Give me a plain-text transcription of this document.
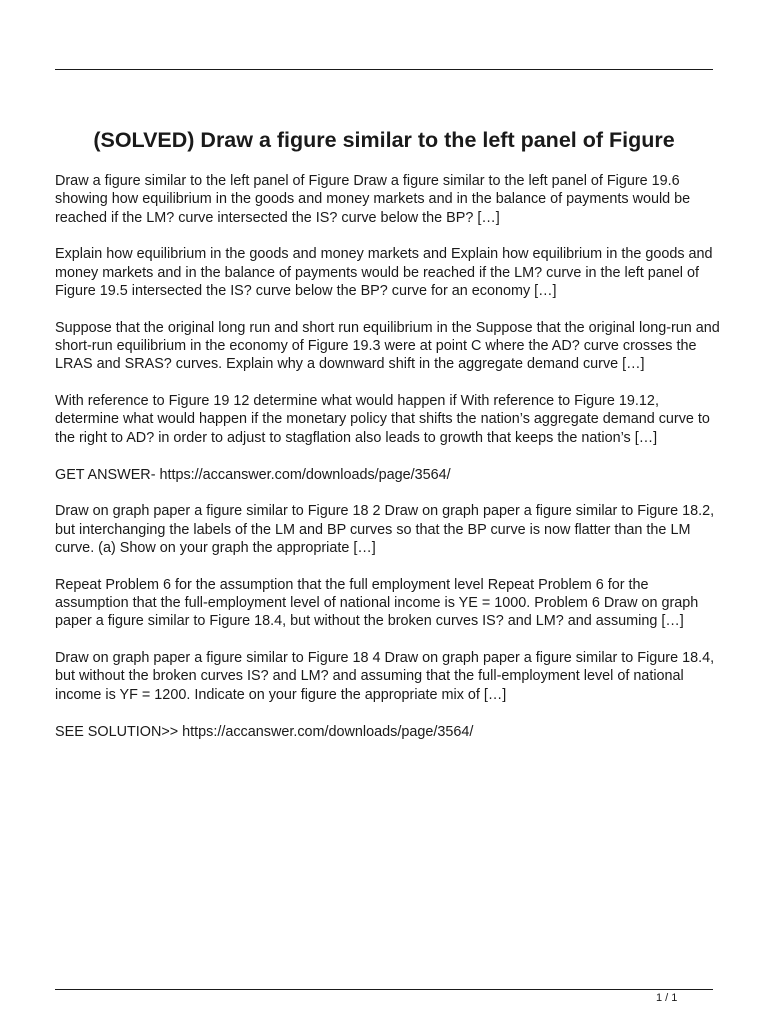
(SOLVED) Draw a figure similar to the left panel of Figure

Draw a figure similar to the left panel of Figure Draw a figure similar to the left panel of Figure 19.6 showing how equilibrium in the goods and money markets and in the balance of payments would be reached if the LM? curve intersected the IS? curve below the BP? […]

Explain how equilibrium in the goods and money markets and Explain how equilibrium in the goods and money markets and in the balance of payments would be reached if the LM? curve in the left panel of Figure 19.5 intersected the IS? curve below the BP? curve for an economy […]

Suppose that the original long run and short run equilibrium in the Suppose that the original long-run and short-run equilibrium in the economy of Figure 19.3 were at point C where the AD? curve crosses the LRAS and SRAS? curves. Explain why a downward shift in the aggregate demand curve […]

With reference to Figure 19 12 determine what would happen if With reference to Figure 19.12, determine what would happen if the monetary policy that shifts the nation’s aggregate demand curve to the right to AD? in order to adjust to stagflation also leads to growth that keeps the nation’s […]

GET ANSWER- https://accanswer.com/downloads/page/3564/

Draw on graph paper a figure similar to Figure 18 2 Draw on graph paper a figure similar to Figure 18.2, but interchanging the labels of the LM and BP curves so that the BP curve is now flatter than the LM curve. (a) Show on your graph the appropriate […]

Repeat Problem 6 for the assumption that the full employment level Repeat Problem 6 for the assumption that the full-employment level of national income is YE = 1000. Problem 6 Draw on graph paper a figure similar to Figure 18.4, but without the broken curves IS? and LM? and assuming […]

Draw on graph paper a figure similar to Figure 18 4 Draw on graph paper a figure similar to Figure 18.4, but without the broken curves IS? and LM? and assuming that the full-employment level of national income is YF = 1200. Indicate on your figure the appropriate mix of […]

SEE SOLUTION>> https://accanswer.com/downloads/page/3564/

1 / 1
